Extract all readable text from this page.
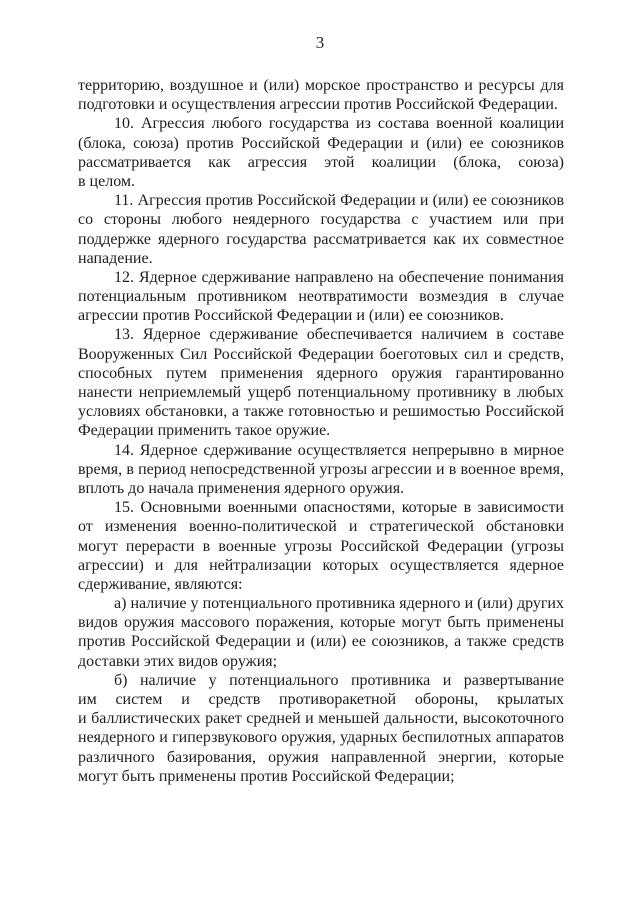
3
территорию, воздушное и (или) морское пространство и ресурсы для
подготовки и осуществления агрессии против Российской Федерации.
10. Агрессия любого государства из состава военной коалиции
(блока, союза) против Российской Федерации и (или) ее союзников
рассматривается как агрессия этой коалиции (блока, союза)
в целом.
11. Агрессия против Российской Федерации и (или) ее союзников
со стороны любого неядерного государства с участием или при
поддержке ядерного государства рассматривается как их совместное
нападение.
12. Ядерное сдерживание направлено на обеспечение понимания
потенциальным противником неотвратимости возмездия в случае
агрессии против Российской Федерации и (или) ее союзников.
13. Ядерное сдерживание обеспечивается наличием в составе
Вооруженных Сил Российской Федерации боеготовых сил и средств,
способных путем применения ядерного оружия гарантированно
нанести неприемлемый ущерб потенциальному противнику в любых
условиях обстановки, а также готовностью и решимостью Российской
Федерации применить такое оружие.
14. Ядерное сдерживание осуществляется непрерывно в мирное
время, в период непосредственной угрозы агрессии и в военное время,
вплоть до начала применения ядерного оружия.
15. Основными военными опасностями, которые в зависимости
от изменения военно-политической и стратегической обстановки
могут перерасти в военные угрозы Российской Федерации (угрозы
агрессии) и для нейтрализации которых осуществляется ядерное
сдерживание, являются:
а) наличие у потенциального противника ядерного и (или) других
видов оружия массового поражения, которые могут быть применены
против Российской Федерации и (или) ее союзников, а также средств
доставки этих видов оружия;
б) наличие у потенциального противника и развертывание
им систем и средств противоракетной обороны, крылатых
и баллистических ракет средней и меньшей дальности, высокоточного
неядерного и гиперзвукового оружия, ударных беспилотных аппаратов
различного базирования, оружия направленной энергии, которые
могут быть применены против Российской Федерации;
